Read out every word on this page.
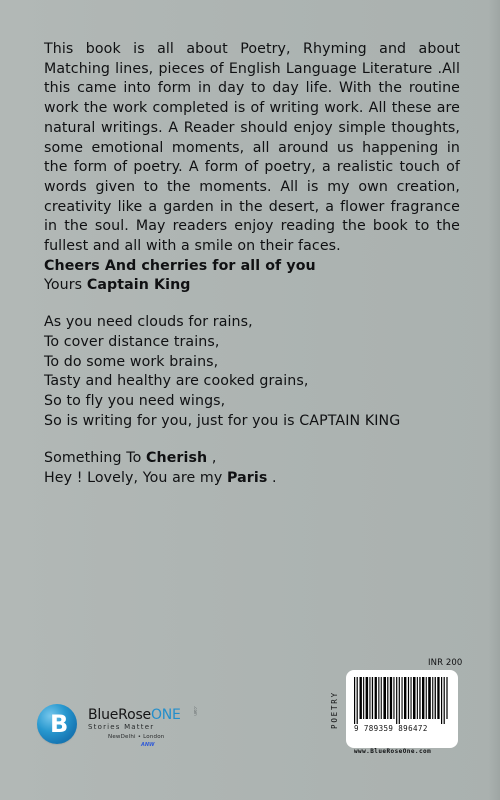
This book is all about Poetry, Rhyming and about Matching lines, pieces of English Language Literature .All this came into form in day to day life. With the routine work the work completed is of writing work. All these are natural writings. A Reader should enjoy simple thoughts, some emotional moments, all around us happening in the form of poetry. A form of poetry, a realistic touch of words given to the moments. All is my own creation, creativity like a garden in the desert, a flower fragrance in the soul. May readers enjoy reading the book to the fullest and all with a smile on their faces.

Cheers And cherries for all of you
Yours Captain King
As you need clouds for rains,
To cover distance trains,
To do some work brains,
Tasty and healthy are cooked grains,
So to fly you need wings,
So is writing for you, just for you is CAPTAIN KING
Something To Cherish ,
Hey ! Lovely, You are my Paris .
B BlueRoseONE	.com
Stories Matter
NewDelhi • London
ANW
INR 200
POETRY 9 789359 896472
www.BlueRoseOne.com
